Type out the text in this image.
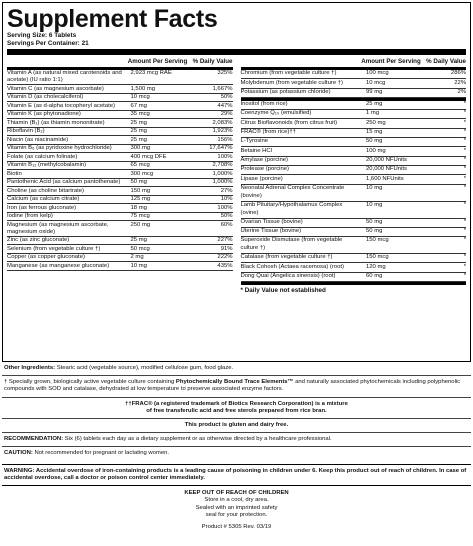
Supplement Facts
Serving Size: 6 Tablets
Servings Per Container: 21
Amount Per Serving % Daily Value
Vitamin A (as natural mixed carotenoids and acetate) (IU ratio 1:1)
2,923 mcg RAE	325%
Vitamin C (as magnesium ascorbate)	1,500 mg	1,667%
Vitamin D (as cholecalciferol)	10 mcg	50%
Vitamin E (as d-alpha tocopheryl acetate)	67 mg	447%
Vitamin K (as phytonadione)	35 mcg	29%
Thiamin (B₁) (as thiamin mononitrate)	25 mg	2,083%
Riboflavin (B₂)	25 mg	1,923%
Niacin (as niacinamide)	25 mg	156%
Vitamin B₆ (as pyridoxine hydrochloride)	300 mg	17,647%
Folate (as calcium folinate)	400 mcg DFE	100%
Vitamin B₁₂ (methylcobalamin)	65 mcg	2,708%
Biotin	300 mcg	1,000%
Pantothenic Acid (as calcium pantothenate)	50 mg	1,000%
Choline (as choline bitartrate)	150 mg	27%
Calcium (as calcium citrate)	125 mg	10%
Iron (as ferrous gluconate)	18 mg	100%
Iodine (from kelp)	75 mcg	50%
Magnesium (as magnesium ascorbate, magnesium oxide)
250 mg	60%
Zinc (as zinc gluconate)	25 mg	227%
Selenium (from vegetable culture †)	50 mcg	91%
Copper (as copper gluconate)	2 mg	222%
Manganese (as manganese gluconate)	10 mg	435%
Amount Per Serving % Daily Value
Chromium (from vegetable culture †)	100 mcg	286%
Molybdenum (from vegetable culture †)	10 mcg	22%
Potassium (as potassium chloride)	99 mg	2%
Inositol (from rice)	25 mg	*
Coenzyme Q₁₀ (emulsified)	1 mg	*
Citrus Bioflavonoids (from citrus fruit)	250 mg	*
FRAC® (from rice)††	15 mg	*
L-Tyrosine	50 mg	*
Betaine HCl	100 mg	*
Amylase (porcine)	20,000 NFUnits	*
Protease (porcine)	20,000 NFUnits	*
Lipase (porcine)	1,600 NFUnits	*
Neonatal Adrenal Complex Concentrate (bovine)
10 mg	*
Lamb Pituitary/Hypothalamus Complex (ovine)
10 mg	*
Ovarian Tissue (bovine)	50 mg	*
Uterine Tissue (bovine)	50 mg	*
Superoxide Dismutase (from vegetable culture †)
150 mcg	*
Catalase (from vegetable culture †)	150 mcg	*
Black Cohosh (Actaea racemosa) (root)	120 mg	*
Dong Quai (Angelica sinensis) (root)	60 mg	*
* Daily Value not established
Other Ingredients: Stearic acid (vegetable source), modified cellulose gum, food glaze.
† Specially grown, biologically active vegetable culture containing Phytochemically Bound Trace Elements™ and naturally associated phytochemicals including polyphenolic compounds with SOD and catalase, dehydrated at low temperature to preserve associated enzyme factors.
††FRAC® (a registered trademark of Biotics Research Corporation) is a mixture
of free transferulic acid and free sterols prepared from rice bran.
This product is gluten and dairy free.
RECOMMENDATION: Six (6) tablets each day as a dietary supplement or as otherwise directed by a healthcare professional.
CAUTION: Not recommended for pregnant or lactating women.
WARNING: Accidental overdose of iron-containing products is a leading cause of poisoning in children under 6. Keep this product out of reach of children. In case of accidental overdose, call a doctor or poison control center immediately.
KEEP OUT OF REACH OF CHILDREN
Store in a cool, dry area.
Sealed with an imprinted safety
seal for your protection.
Product # 5305 Rev. 03/19
